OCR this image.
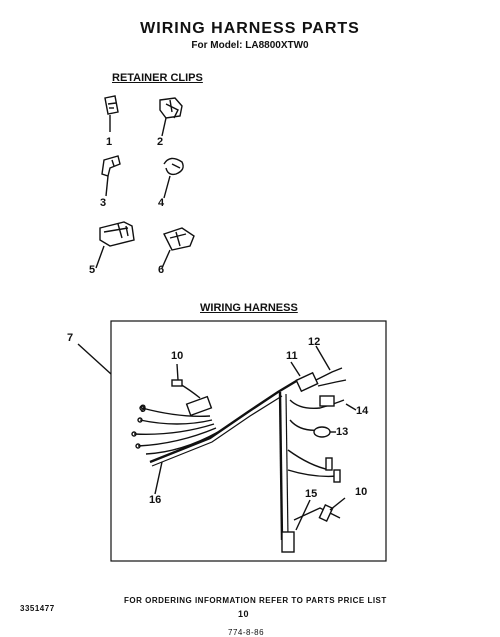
WIRING HARNESS PARTS
For Model: LA8800XTW0
RETAINER CLIPS
1	2
3	4
5	6
WIRING HARNESS
7
10	11
12
9	14
13
16	15	10
3351477
FOR ORDERING INFORMATION REFER TO PARTS PRICE LIST
10
774-8-86
